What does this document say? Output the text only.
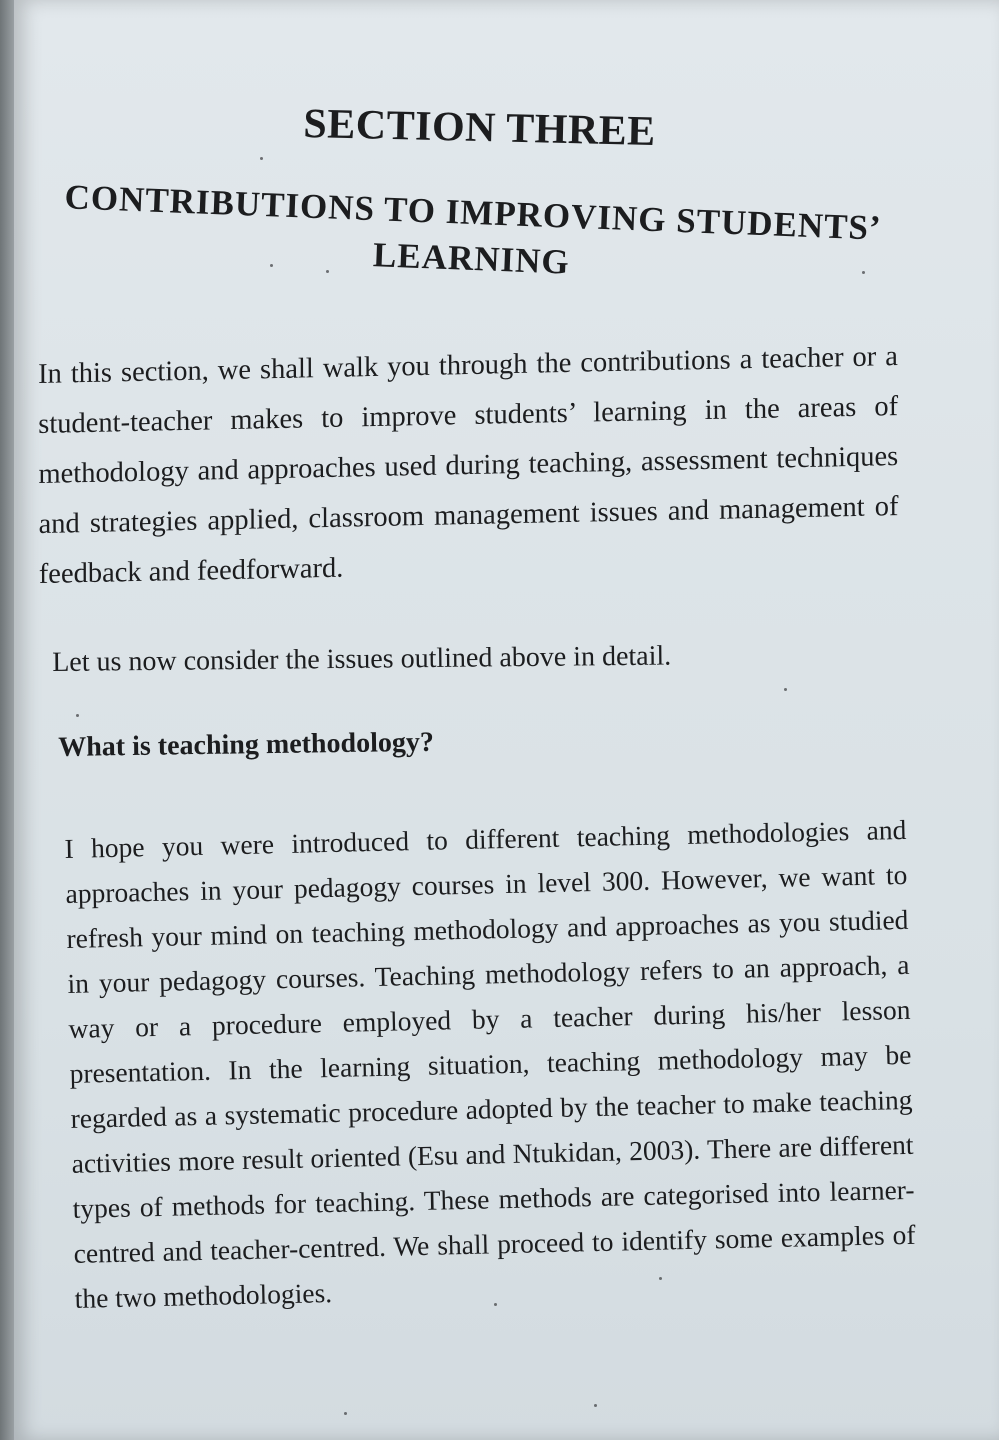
SECTION THREE
CONTRIBUTIONS TO IMPROVING STUDENTS’ LEARNING
In this section, we shall walk you through the contributions a teacher or a student-teacher makes to improve students’ learning in the areas of methodology and approaches used during teaching, assessment techniques and strategies applied, classroom management issues and management of feedback and feedforward.
Let us now consider the issues outlined above in detail.
What is teaching methodology?
I hope you were introduced to different teaching methodologies and approaches in your pedagogy courses in level 300. However, we want to refresh your mind on teaching methodology and approaches as you studied in your pedagogy courses. Teaching methodology refers to an approach, a way or a procedure employed by a teacher during his/her lesson presentation. In the learning situation, teaching methodology may be regarded as a systematic procedure adopted by the teacher to make teaching activities more result oriented (Esu and Ntukidan, 2003). There are different types of methods for teaching. These methods are categorised into learner-centred and teacher-centred. We shall proceed to identify some examples of the two methodologies.
